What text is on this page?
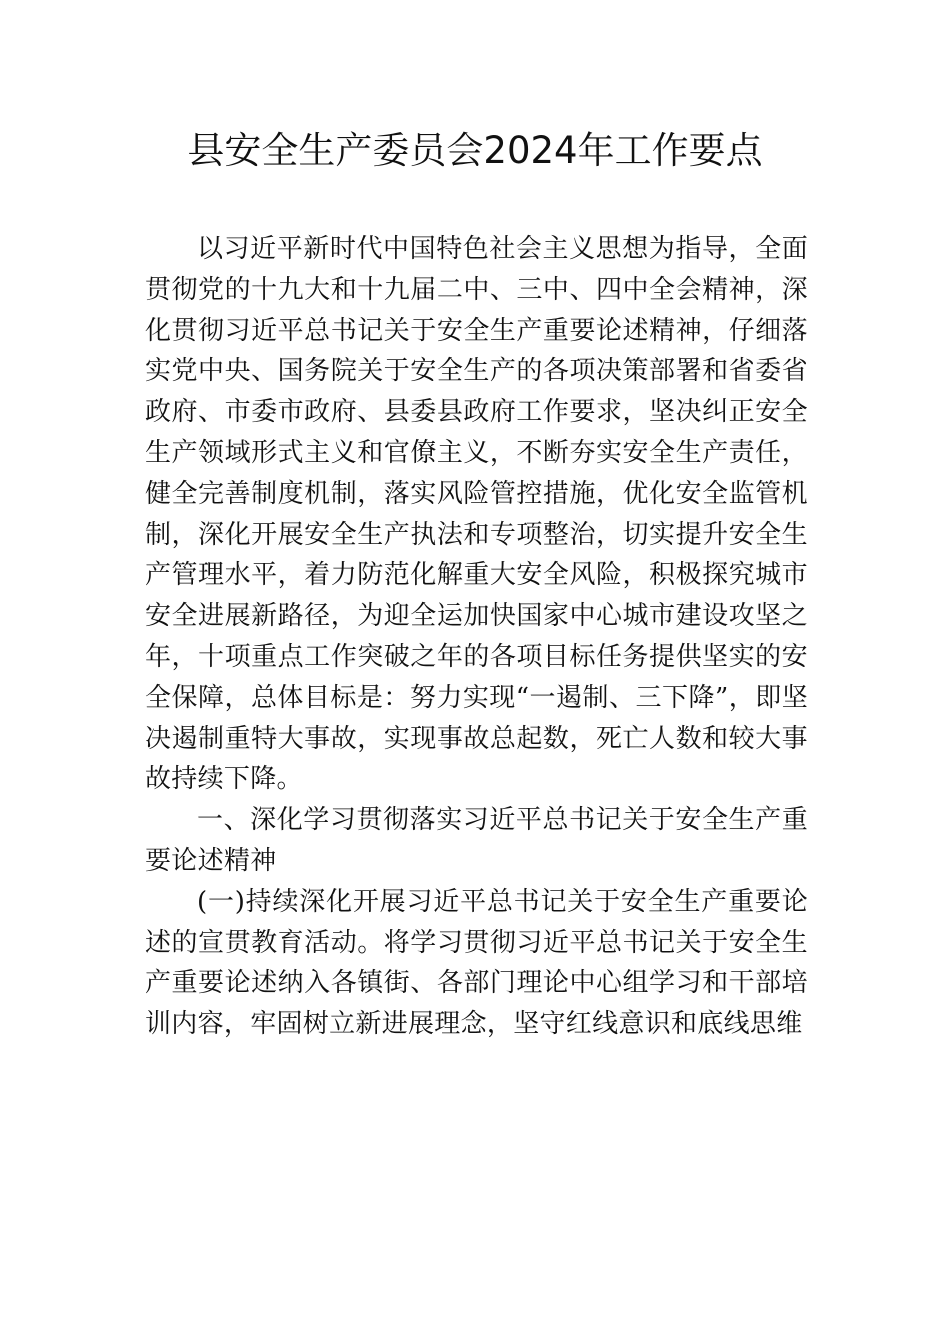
县安全生产委员会2024年工作要点

以习近平新时代中国特色社会主义思想为指导，全面贯彻党的十九大和十九届二中、三中、四中全会精神，深化贯彻习近平总书记关于安全生产重要论述精神，仔细落实党中央、国务院关于安全生产的各项决策部署和省委省政府、市委市政府、县委县政府工作要求，坚决纠正安全生产领域形式主义和官僚主义，不断夯实安全生产责任，健全完善制度机制，落实风险管控措施，优化安全监管机制，深化开展安全生产执法和专项整治，切实提升安全生产管理水平，着力防范化解重大安全风险，积极探究城市安全进展新路径，为迎全运加快国家中心城市建设攻坚之年，十项重点工作突破之年的各项目标任务提供坚实的安全保障，总体目标是：努力实现“一遏制、三下降”，即坚决遏制重特大事故，实现事故总起数，死亡人数和较大事故持续下降。

一、深化学习贯彻落实习近平总书记关于安全生产重要论述精神

(一)持续深化开展习近平总书记关于安全生产重要论述的宣贯教育活动。将学习贯彻习近平总书记关于安全生产重要论述纳入各镇街、各部门理论中心组学习和干部培训内容，牢固树立新进展理念，坚守红线意识和底线思维
